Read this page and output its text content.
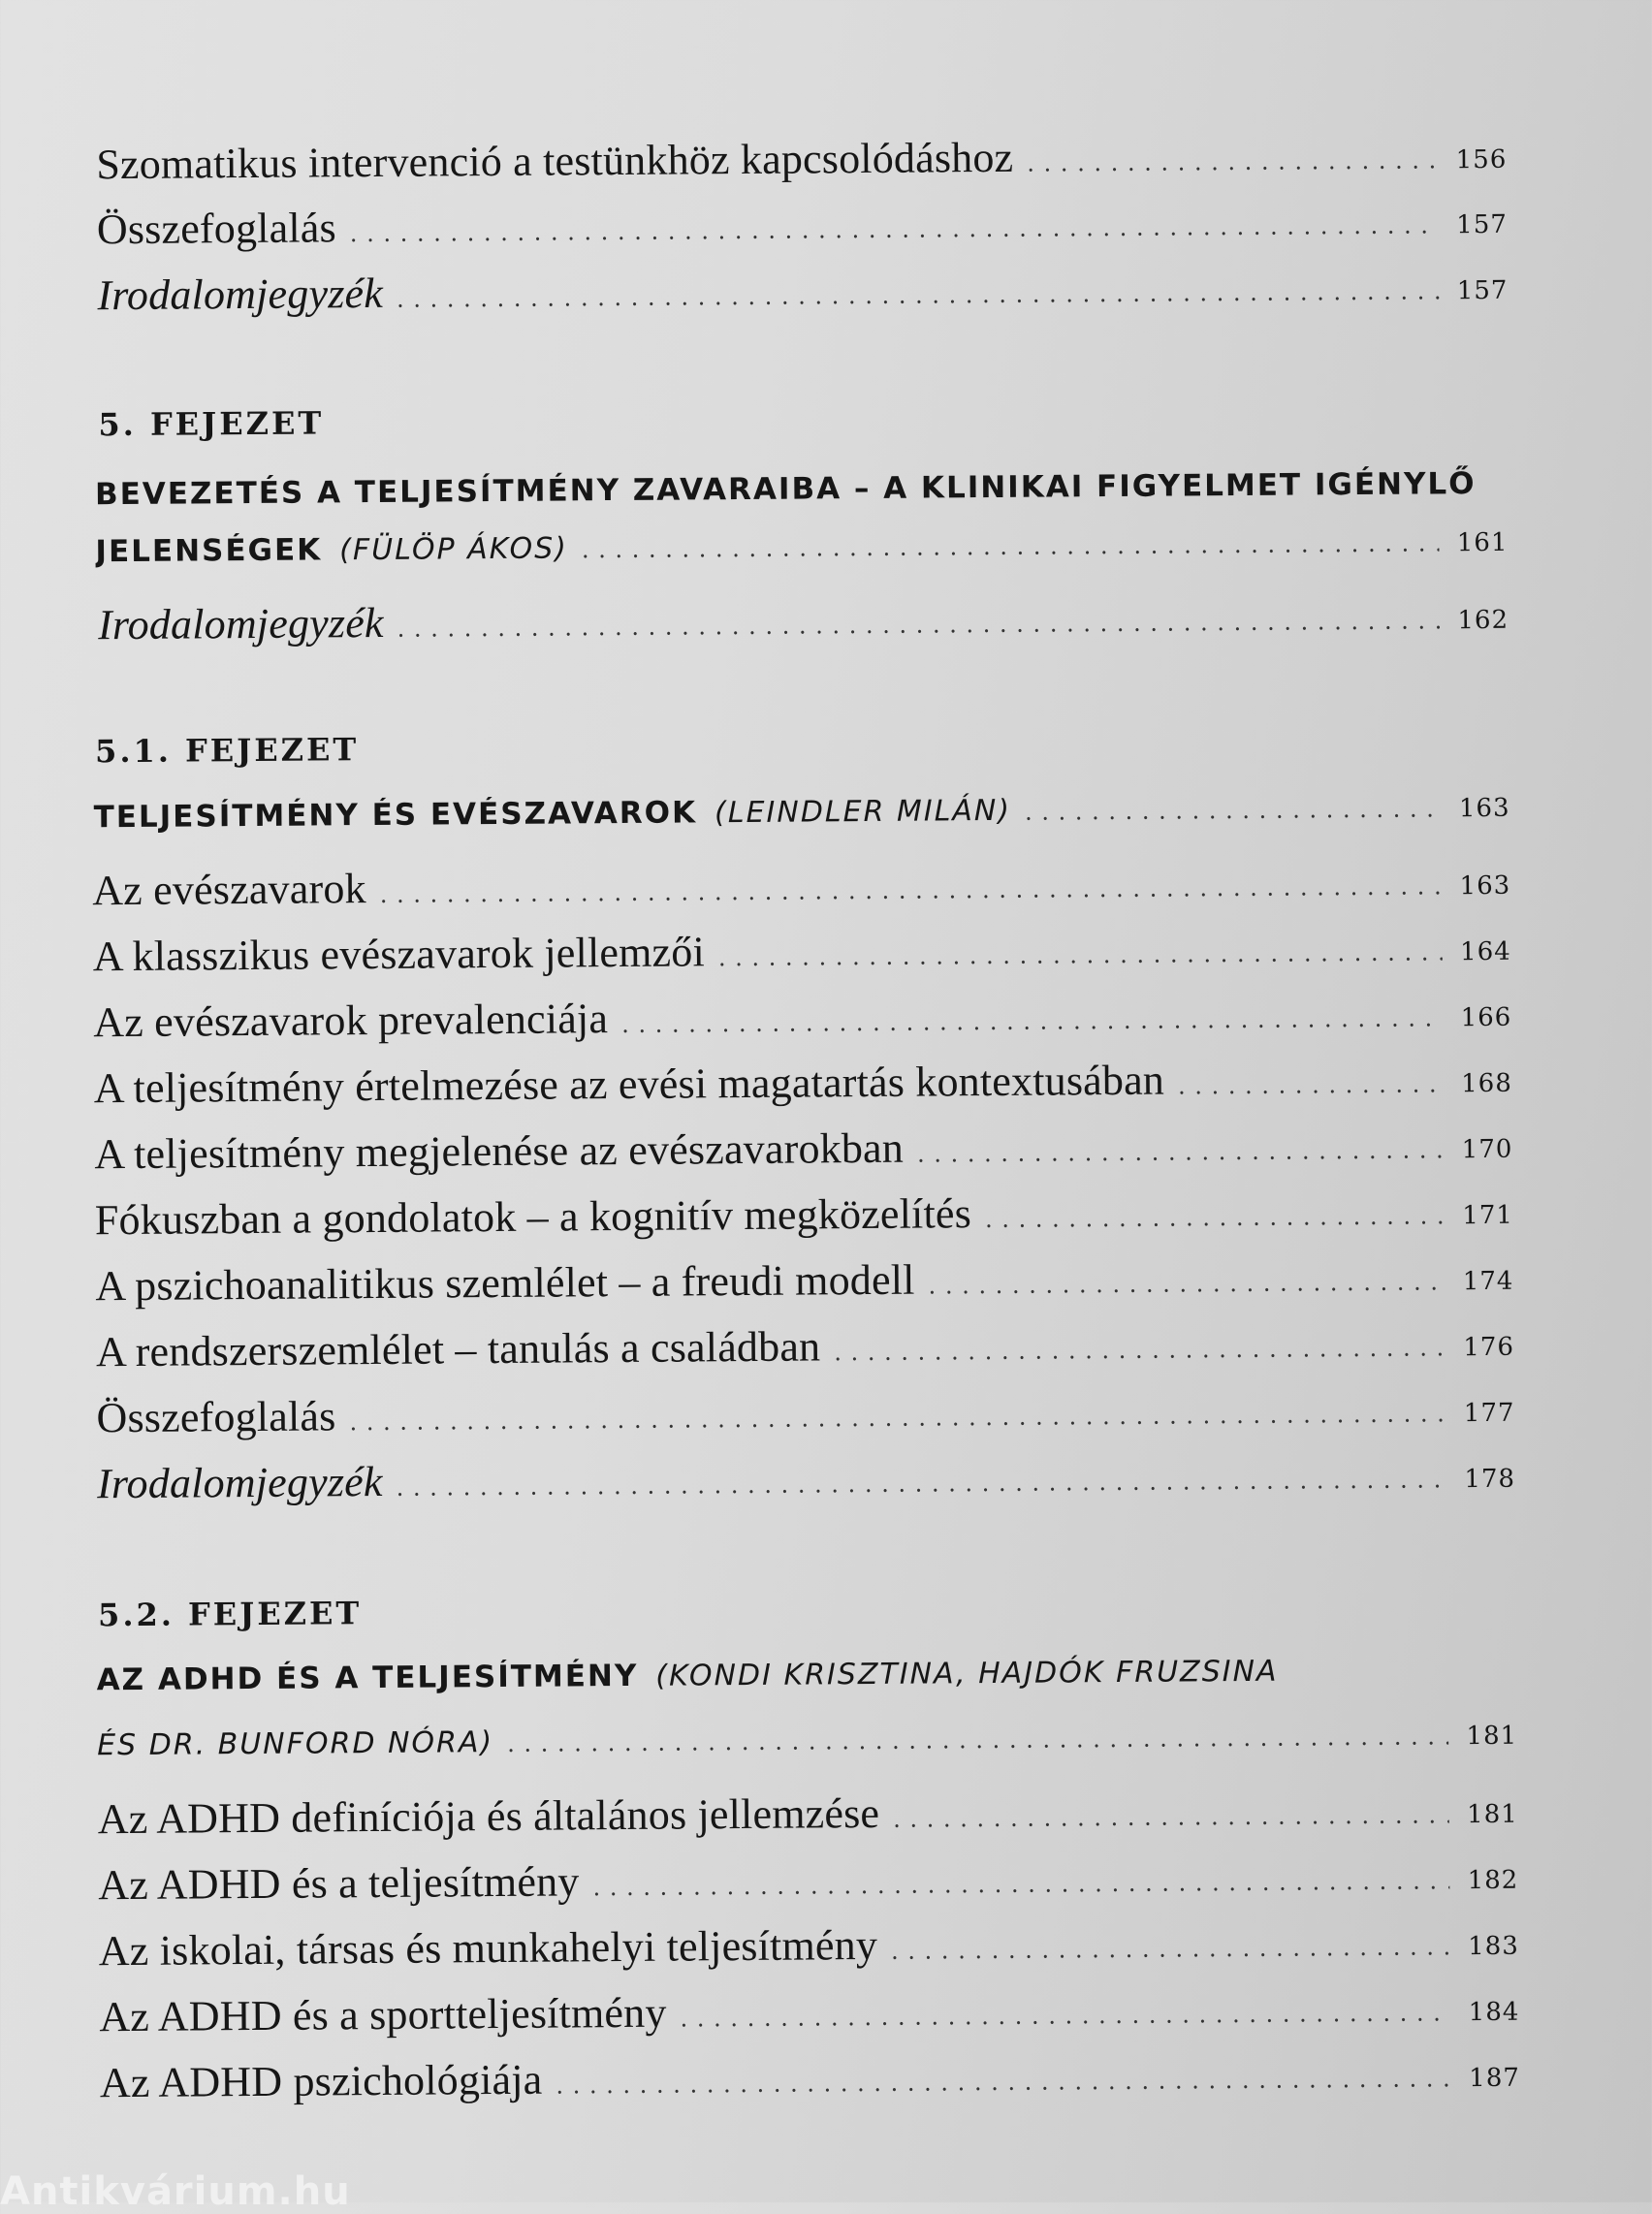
Szomatikus intervenció a testünkhöz kapcsolódáshoz . . .	156
Összefoglalás . . .	157
Irodalomjegyzék . . .	157
5. FEJEZET
BEVEZETÉS A TELJESÍTMÉNY ZAVARAIBA – A KLINIKAI FIGYELMET IGÉNYLŐ
JELENSÉGEK (FÜLÖP ÁKOS) . . .	161
Irodalomjegyzék . . .	162
5.1. FEJEZET
TELJESÍTMÉNY ÉS EVÉSZAVAROK (LEINDLER MILÁN) . . .	163
Az evészavarok . . .	163
A klasszikus evészavarok jellemzői . . .	164
Az evészavarok prevalenciája . . .	166
A teljesítmény értelmezése az evési magatartás kontextusában . . .	168
A teljesítmény megjelenése az evészavarokban . . .	170
Fókuszban a gondolatok – a kognitív megközelítés . . .	171
A pszichoanalitikus szemlélet – a freudi modell . . .	174
A rendszerszemlélet – tanulás a családban . . .	176
Összefoglalás . . .	177
Irodalomjegyzék . . .	178
5.2. FEJEZET
AZ ADHD ÉS A TELJESÍTMÉNY (KONDI KRISZTINA, HAJDÓK FRUZSINA
ÉS DR. BUNFORD NÓRA) . . .	181
Az ADHD definíciója és általános jellemzése . . .	181
Az ADHD és a teljesítmény . . .	182
Az iskolai, társas és munkahelyi teljesítmény . . .	183
Az ADHD és a sportteljesítmény . . .	184
Az ADHD pszichológiája . . .	187
Antikvárium.hu
